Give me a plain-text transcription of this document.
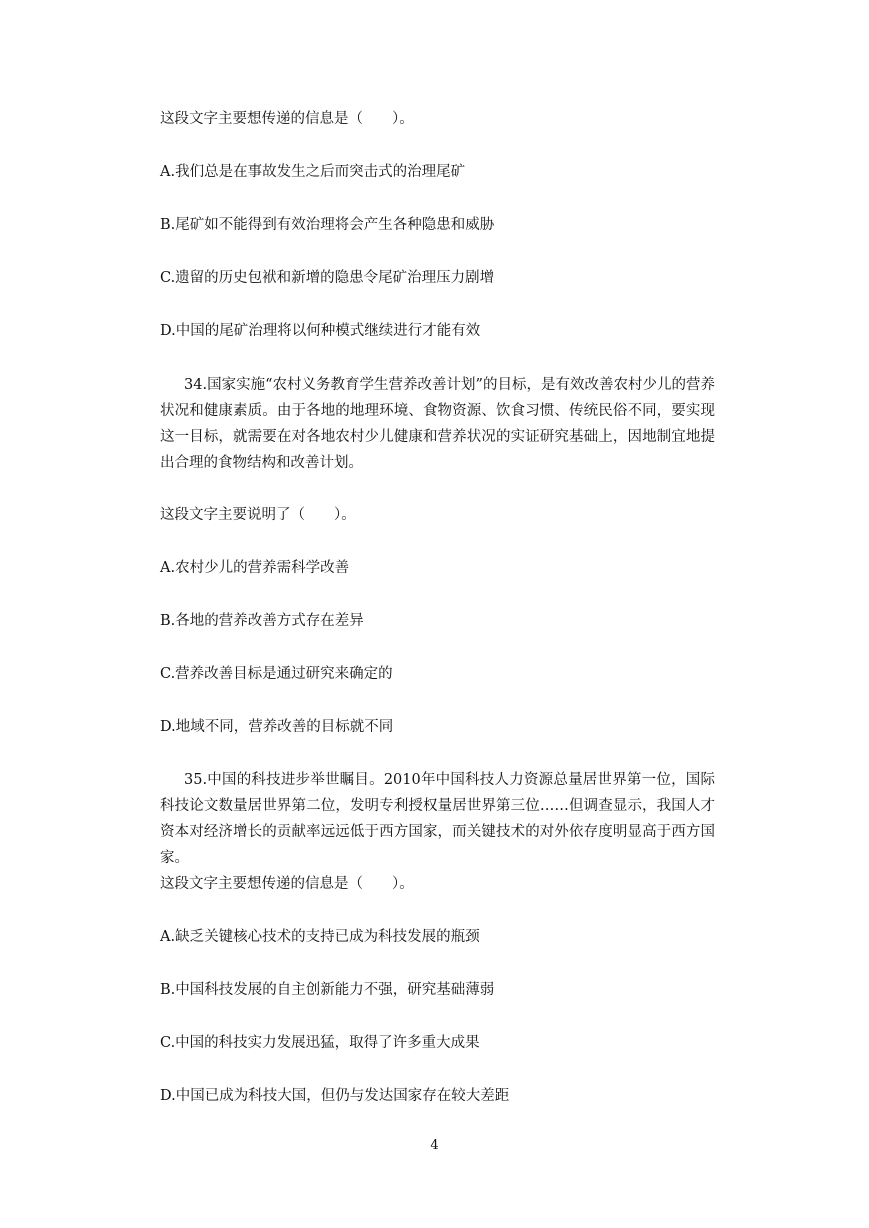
这段文字主要想传递的信息是（　　）。
A.我们总是在事故发生之后而突击式的治理尾矿
B.尾矿如不能得到有效治理将会产生各种隐患和威胁
C.遗留的历史包袱和新增的隐患令尾矿治理压力剧增
D.中国的尾矿治理将以何种模式继续进行才能有效

34.国家实施“农村义务教育学生营养改善计划”的目标，是有效改善农村少儿的营养状况和健康素质。由于各地的地理环境、食物资源、饮食习惯、传统民俗不同，要实现这一目标，就需要在对各地农村少儿健康和营养状况的实证研究基础上，因地制宜地提出合理的食物结构和改善计划。

这段文字主要说明了（　　）。
A.农村少儿的营养需科学改善
B.各地的营养改善方式存在差异
C.营养改善目标是通过研究来确定的
D.地域不同，营养改善的目标就不同

35.中国的科技进步举世瞩目。2010年中国科技人力资源总量居世界第一位，国际科技论文数量居世界第二位，发明专利授权量居世界第三位……但调查显示，我国人才资本对经济增长的贡献率远远低于西方国家，而关键技术的对外依存度明显高于西方国家。

这段文字主要想传递的信息是（　　）。
A.缺乏关键核心技术的支持已成为科技发展的瓶颈
B.中国科技发展的自主创新能力不强，研究基础薄弱
C.中国的科技实力发展迅猛，取得了许多重大成果
D.中国已成为科技大国，但仍与发达国家存在较大差距
4
